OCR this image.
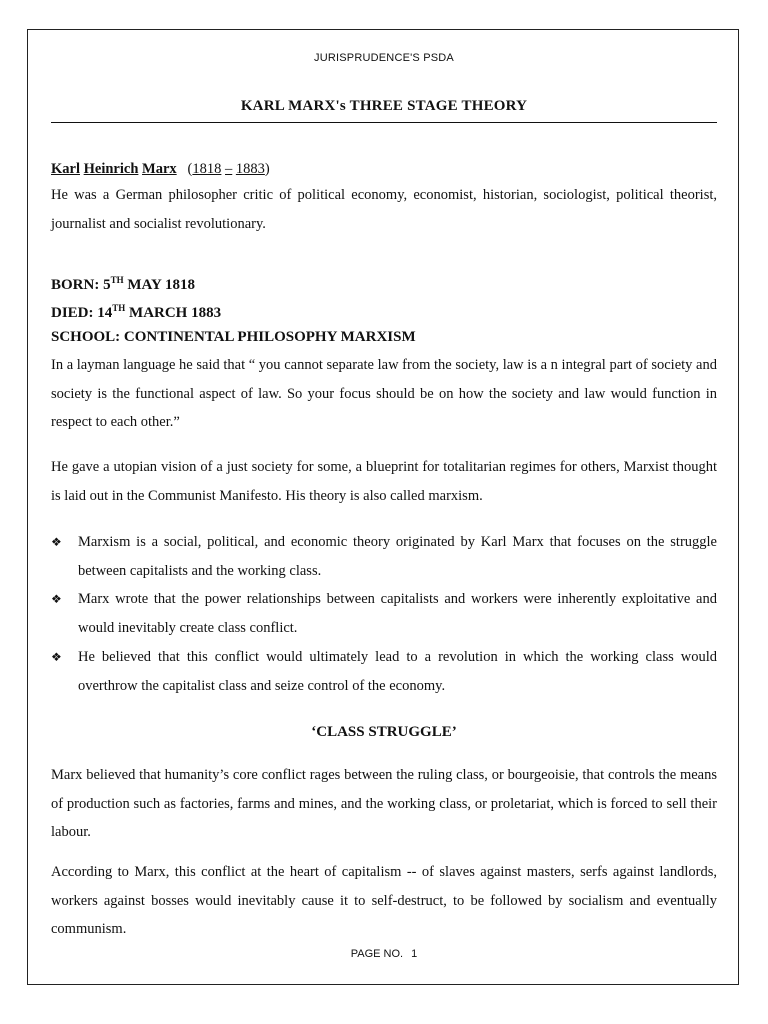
JURISPRUDENCE'S PSDA
KARL MARX's THREE STAGE THEORY
Karl Heinrich Marx   (1818 – 1883)
He was a German philosopher critic of political economy, economist, historian, sociologist, political theorist, journalist and socialist revolutionary.
BORN: 5TH MAY 1818
DIED: 14TH MARCH 1883
SCHOOL: CONTINENTAL PHILOSOPHY MARXISM
In a layman language he said that “ you cannot separate law from the society, law is a n integral part of society and society is the functional aspect of law. So your focus should be on how the society and law would function in respect to each other.”
He gave a utopian vision of a just society for some, a blueprint for totalitarian regimes for others, Marxist thought is laid out in the Communist Manifesto. His theory is also called marxism.
❖ Marxism is a social, political, and economic theory originated by Karl Marx that focuses on the struggle between capitalists and the working class.
❖ Marx wrote that the power relationships between capitalists and workers were inherently exploitative and would inevitably create class conflict.
❖ He believed that this conflict would ultimately lead to a revolution in which the working class would overthrow the capitalist class and seize control of the economy.
‘CLASS STRUGGLE’
Marx believed that humanity’s core conflict rages between the ruling class, or bourgeoisie, that controls the means of production such as factories, farms and mines, and the working class, or proletariat, which is forced to sell their labour.
According to Marx, this conflict at the heart of capitalism -- of slaves against masters, serfs against landlords, workers against bosses would inevitably cause it to self-destruct, to be followed by socialism and eventually communism.
PAGE NO. 1
